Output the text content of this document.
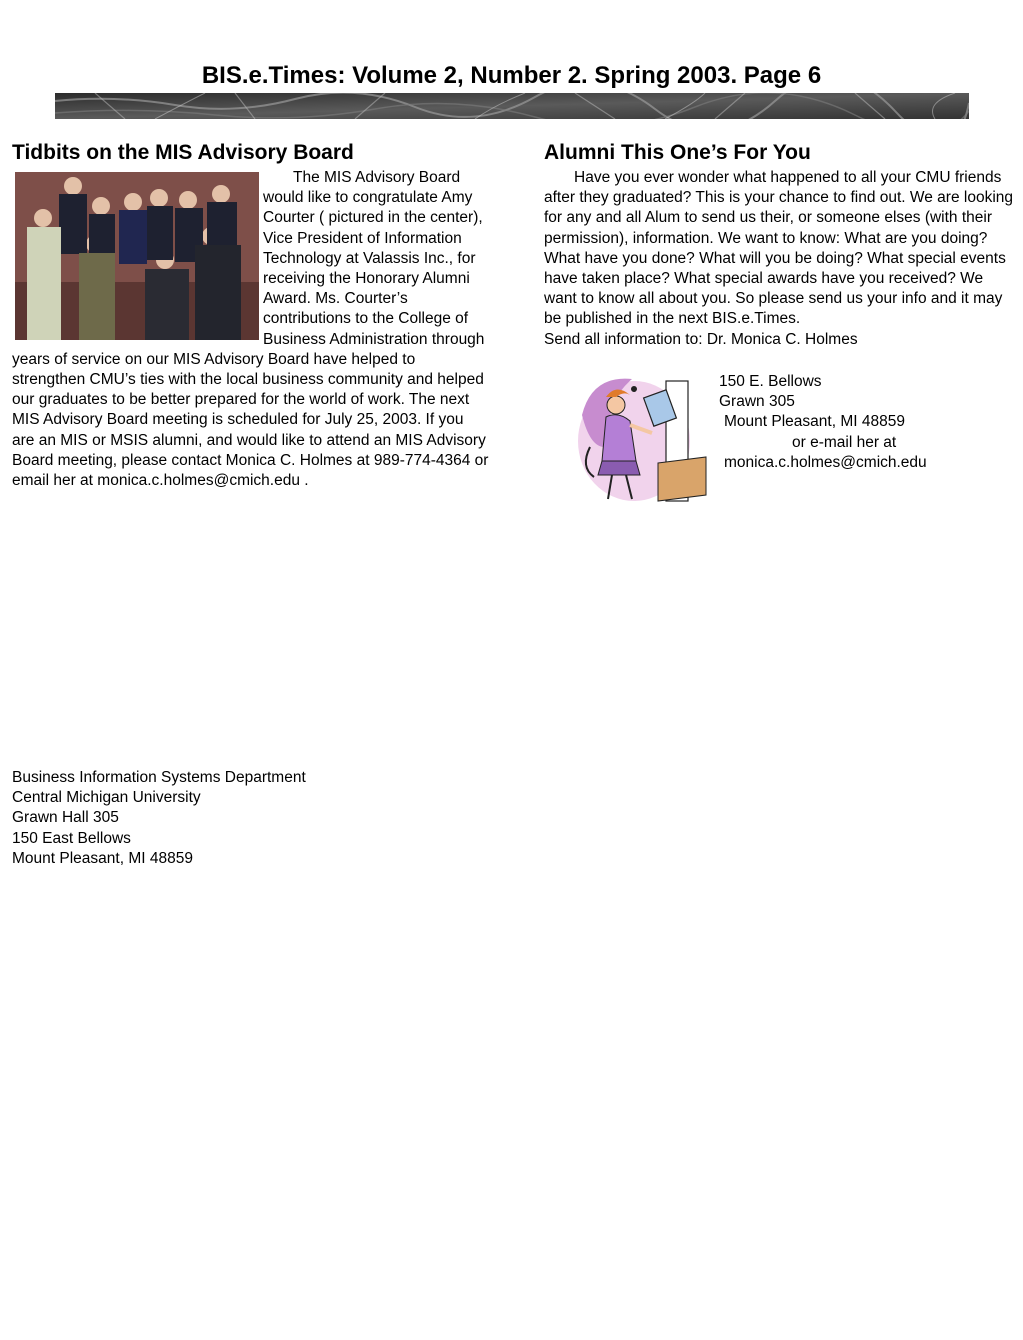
BIS.e.Times: Volume 2, Number 2. Spring 2003. Page 6
Tidbits on the MIS Advisory Board

The MIS Advisory Board would like to congratulate Amy Courter ( pictured in the center), Vice President of Information Technology at Valassis Inc., for receiving the Honorary Alumni Award. Ms. Courter’s contributions to the College of Business Administration through years of service on our MIS Advisory Board have helped to strengthen CMU’s ties with the local business community and helped our graduates to be better prepared for the world of work. The next MIS Advisory Board meeting is scheduled for July 25, 2003. If you are an MIS or MSIS alumni, and would like to attend an MIS Advisory Board meeting, please contact Monica C. Holmes at 989-774-4364 or email her at monica.c.holmes@cmich.edu .

Alumni This One’s For You

Have you ever wonder what happened to all your CMU friends after they graduated? This is your chance to find out. We are looking for any and all Alum to send us their, or someone elses (with their permission), information. We want to know: What are you doing? What have you done? What will you be doing? What special events have taken place? What special awards have you received? We want to know all about you. So please send us your info and it may be published in the next BIS.e.Times.
Send all information to: Dr. Monica C. Holmes

150 E. Bellows
Grawn 305
Mount Pleasant, MI 48859
or e-mail her at
monica.c.holmes@cmich.edu
Business Information Systems Department
Central Michigan University
Grawn Hall 305
150 East Bellows
Mount Pleasant, MI 48859
